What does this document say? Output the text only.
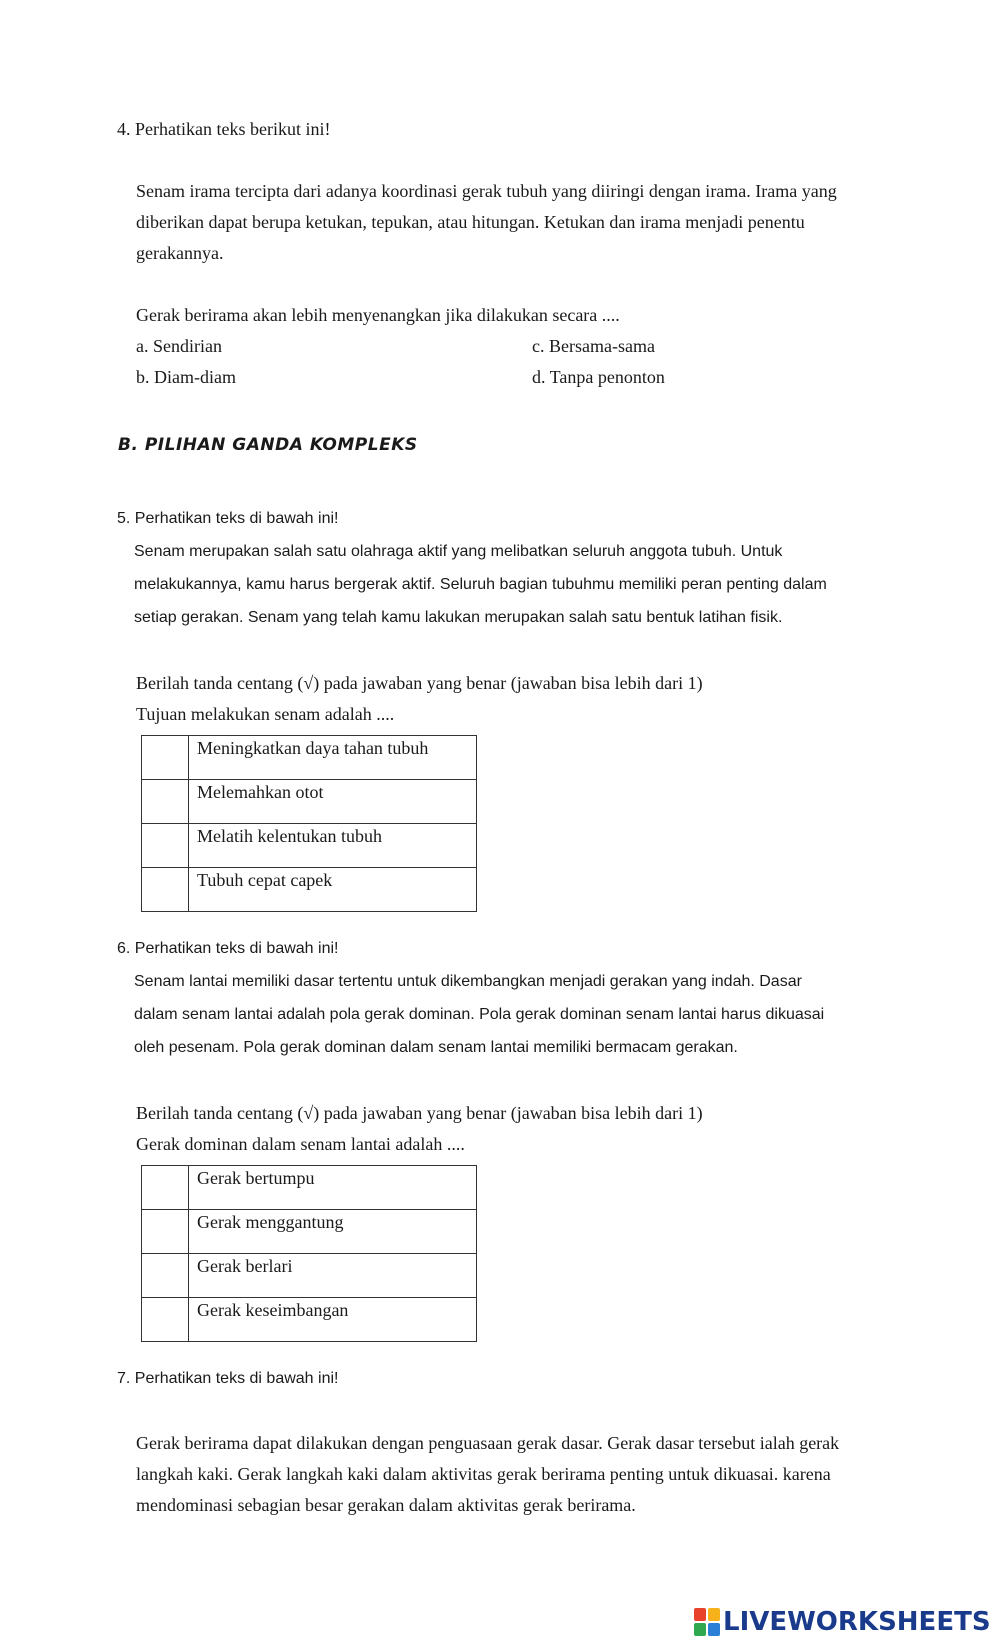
4. Perhatikan teks berikut ini!
Senam irama tercipta dari adanya koordinasi gerak tubuh yang diiringi dengan irama. Irama yang
diberikan dapat berupa ketukan, tepukan, atau hitungan. Ketukan dan irama menjadi penentu
gerakannya.
Gerak berirama akan lebih menyenangkan jika dilakukan secara ....
a. Sendirian	c. Bersama-sama
b. Diam-diam	d. Tanpa penonton
B. PILIHAN GANDA KOMPLEKS
5. Perhatikan teks di bawah ini!
Senam merupakan salah satu olahraga aktif yang melibatkan seluruh anggota tubuh. Untuk
melakukannya, kamu harus bergerak aktif. Seluruh bagian tubuhmu memiliki peran penting dalam
setiap gerakan. Senam yang telah kamu lakukan merupakan salah satu bentuk latihan fisik.
Berilah tanda centang (√) pada jawaban yang benar (jawaban bisa lebih dari 1)
Tujuan melakukan senam adalah ....
	Meningkatkan daya tahan tubuh
	Melemahkan otot
	Melatih kelentukan tubuh
	Tubuh cepat capek
6. Perhatikan teks di bawah ini!
Senam lantai memiliki dasar tertentu untuk dikembangkan menjadi gerakan yang indah. Dasar
dalam senam lantai adalah pola gerak dominan. Pola gerak dominan senam lantai harus dikuasai
oleh pesenam. Pola gerak dominan dalam senam lantai memiliki bermacam gerakan.
Berilah tanda centang (√) pada jawaban yang benar (jawaban bisa lebih dari 1)
Gerak dominan dalam senam lantai adalah ....
	Gerak bertumpu
	Gerak menggantung
	Gerak berlari
	Gerak keseimbangan
7. Perhatikan teks di bawah ini!
Gerak berirama dapat dilakukan dengan penguasaan gerak dasar. Gerak dasar tersebut ialah gerak
langkah kaki. Gerak langkah kaki dalam aktivitas gerak berirama penting untuk dikuasai. karena
mendominasi sebagian besar gerakan dalam aktivitas gerak berirama.
LIVEWORKSHEETS
